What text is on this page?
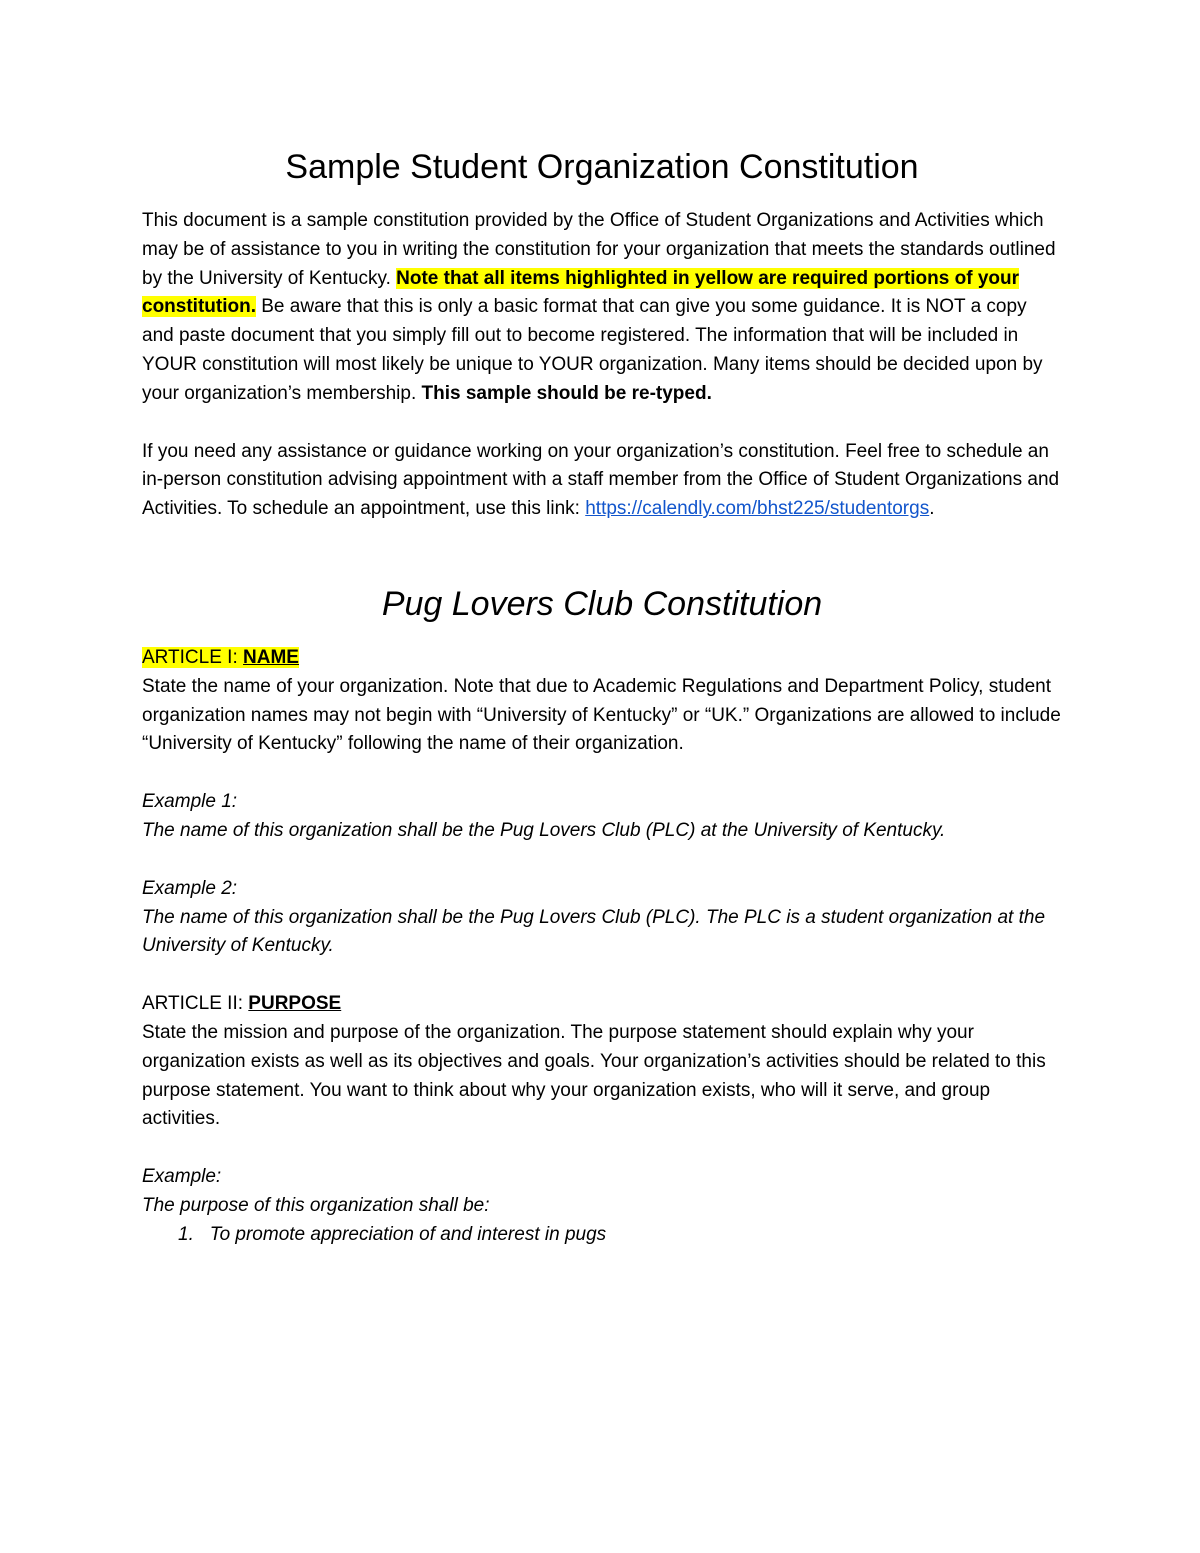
Sample Student Organization Constitution

This document is a sample constitution provided by the Office of Student Organizations and Activities which may be of assistance to you in writing the constitution for your organization that meets the standards outlined by the University of Kentucky. Note that all items highlighted in yellow are required portions of your constitution. Be aware that this is only a basic format that can give you some guidance. It is NOT a copy and paste document that you simply fill out to become registered. The information that will be included in YOUR constitution will most likely be unique to YOUR organization. Many items should be decided upon by your organization’s membership. This sample should be re-typed.

If you need any assistance or guidance working on your organization’s constitution. Feel free to schedule an in-person constitution advising appointment with a staff member from the Office of Student Organizations and Activities. To schedule an appointment, use this link: https://calendly.com/bhst225/studentorgs.

Pug Lovers Club Constitution

ARTICLE I: NAME

State the name of your organization. Note that due to Academic Regulations and Department Policy, student organization names may not begin with “University of Kentucky” or “UK.” Organizations are allowed to include “University of Kentucky” following the name of their organization.

Example 1:

The name of this organization shall be the Pug Lovers Club (PLC) at the University of Kentucky.

Example 2:

The name of this organization shall be the Pug Lovers Club (PLC). The PLC is a student organization at the University of Kentucky.

ARTICLE II: PURPOSE

State the mission and purpose of the organization. The purpose statement should explain why your organization exists as well as its objectives and goals. Your organization’s activities should be related to this purpose statement. You want to think about why your organization exists, who will it serve, and group activities.

Example:

The purpose of this organization shall be:

1. To promote appreciation of and interest in pugs
